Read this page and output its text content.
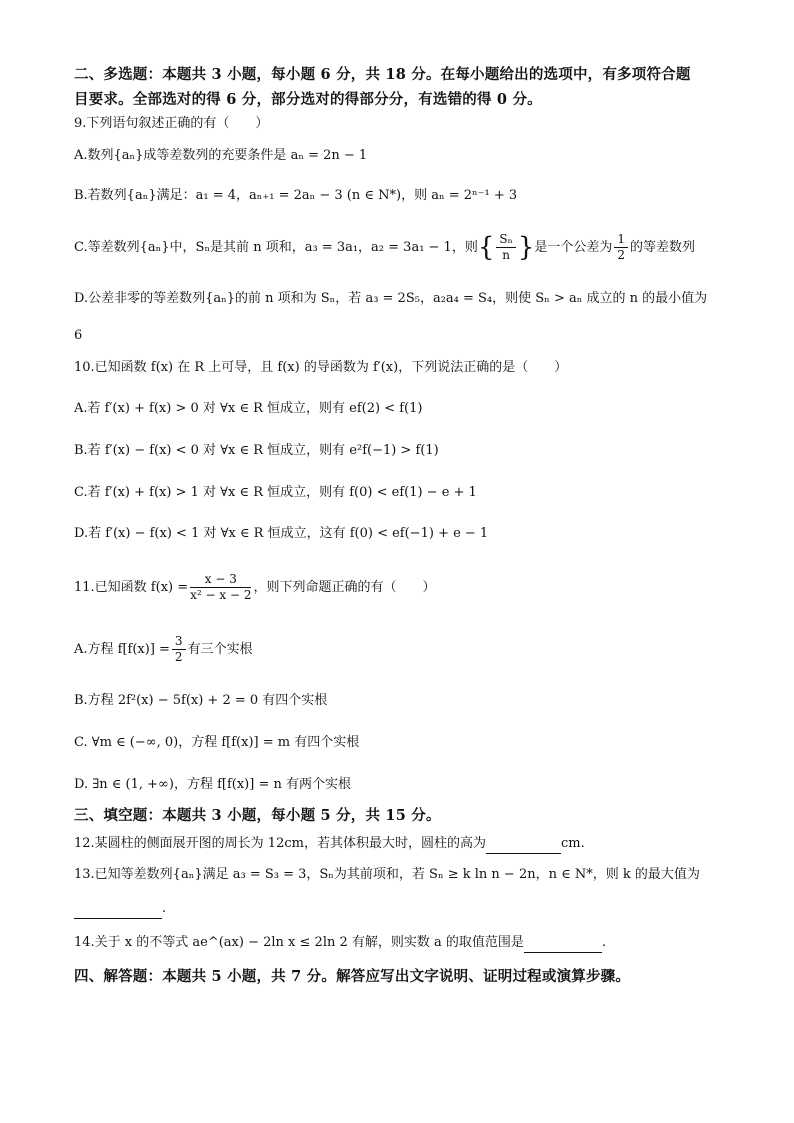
二、多选题：本题共 3 小题，每小题 6 分，共 18 分。在每小题给出的选项中，有多项符合题
目要求。全部选对的得 6 分，部分选对的得部分分，有选错的得 0 分。
9.下列语句叙述正确的有（　　）
A.数列{aₙ}成等差数列的充要条件是 aₙ = 2n − 1
B.若数列{aₙ}满足：a₁ = 4，aₙ₊₁ = 2aₙ − 3 (n ∈ N*)，则 aₙ = 2ⁿ⁻¹ + 3
C.等差数列{aₙ}中，Sₙ是其前 n 项和，a₃ = 3a₁，a₂ = 3a₁ − 1，则{ $\frac{\text{Sₙ}}{n}$ }是一个公差为 $\frac{1}{2}$ 的等差数列
D.公差非零的等差数列{aₙ}的前 n 项和为 Sₙ，若 a₃ = 2S₅，a₂a₄ = S₄，则使 Sₙ > aₙ 成立的 n 的最小值为
6
10.已知函数 f(x) 在 R 上可导，且 f(x) 的导函数为 f′(x)，下列说法正确的是（　　）
A.若 f′(x) + f(x) > 0 对 ∀x ∈ R 恒成立，则有 ef(2) < f(1)
B.若 f′(x) − f(x) < 0 对 ∀x ∈ R 恒成立，则有 e²f(−1) > f(1)
C.若 f′(x) + f(x) > 1 对 ∀x ∈ R 恒成立，则有 f(0) < ef(1) − e + 1
D.若 f′(x) − f(x) < 1 对 ∀x ∈ R 恒成立，这有 f(0) < ef(−1) + e − 1
11.已知函数 $f(x) = \frac{x - 3}{\text{x² − x − 2}}$ ，则下列命题正确的有（　　）
A.方程 $f[f(x)] = \frac{3}{2}$ 有三个实根
B.方程 2f²(x) − 5f(x) + 2 = 0 有四个实根
C. ∀m ∈ (−∞, 0)，方程 f[f(x)] = m 有四个实根
D. ∃n ∈ (1, +∞)，方程 f[f(x)] = n 有两个实根
三、填空题：本题共 3 小题，每小题 5 分，共 15 分。
12.某圆柱的侧面展开图的周长为 12cm，若其体积最大时，圆柱的高为	cm.
13.已知等差数列{aₙ}满足 a₃ = S₃ = 3，Sₙ为其前项和，若 Sₙ ≥ k ln n − 2n，n ∈ N*，则 k 的最大值为
.
14.关于 x 的不等式 ae^(ax) − 2ln x ≤ 2ln 2 有解，则实数 a 的取值范围是	.
四、解答题：本题共 5 小题，共 7 分。解答应写出文字说明、证明过程或演算步骤。
